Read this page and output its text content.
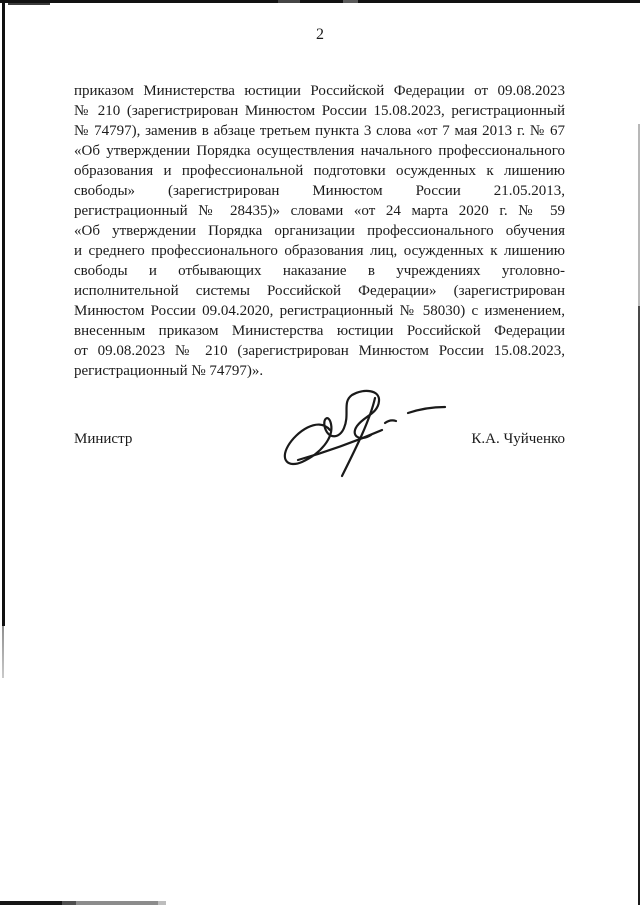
2
приказом Министерства юстиции Российской Федерации от 09.08.2023
№ 210 (зарегистрирован Минюстом России 15.08.2023, регистрационный
№ 74797), заменив в абзаце третьем пункта 3 слова «от 7 мая 2013 г. № 67
«Об утверждении Порядка осуществления начального профессионального
образования и профессиональной подготовки осужденных к лишению
свободы» (зарегистрирован Минюстом России 21.05.2013,
регистрационный № 28435)» словами «от 24 марта 2020 г. № 59
«Об утверждении Порядка организации профессионального обучения
и среднего профессионального образования лиц, осужденных к лишению
свободы и отбывающих наказание в учреждениях уголовно-
исполнительной системы Российской Федерации» (зарегистрирован
Минюстом России 09.04.2020, регистрационный № 58030) с изменением,
внесенным приказом Министерства юстиции Российской Федерации
от 09.08.2023 № 210 (зарегистрирован Минюстом России 15.08.2023,
регистрационный № 74797)».
Министр	К.А. Чуйченко
